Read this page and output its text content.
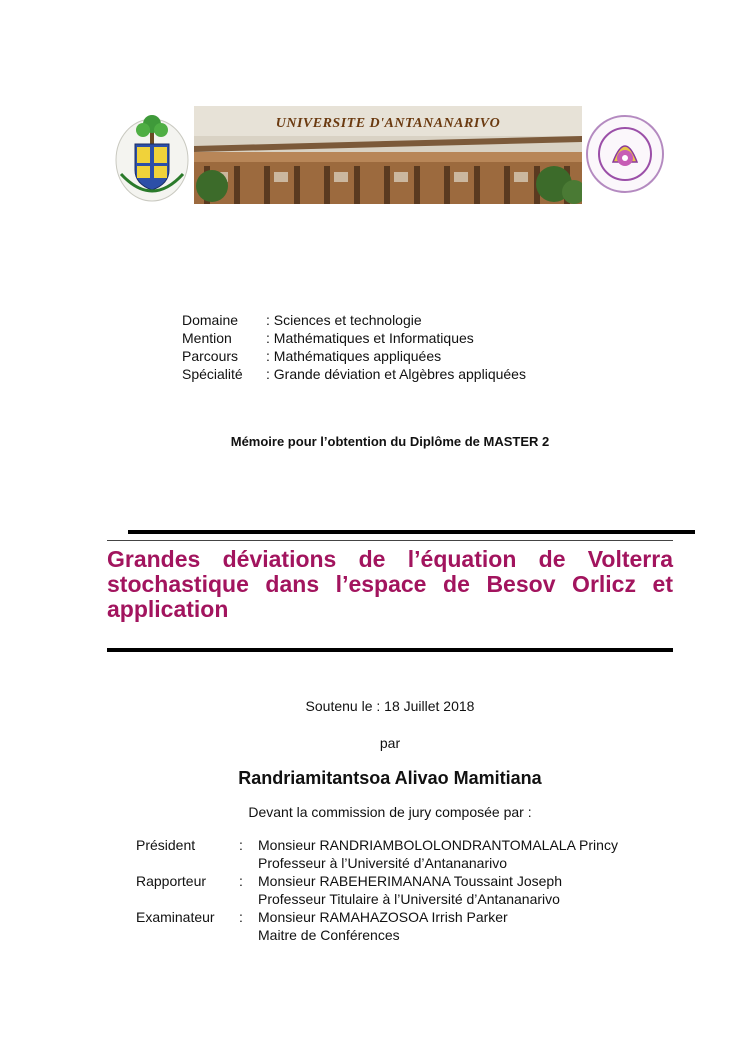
UNIVERSITE D'ANTANANARIVO
Domaine	: Sciences et technologie
Mention	: Mathématiques et Informatiques
Parcours	: Mathématiques appliquées
Spécialité	: Grande déviation et Algèbres appliquées
Mémoire pour l’obtention du Diplôme de MASTER 2
Grandes déviations de l’équation de Volterra
stochastique dans l’espace de Besov Orlicz et
application
Soutenu le : 18 Juillet 2018
par
Randriamitantsoa Alivao Mamitiana
Devant la commission de jury composée par :
Président	:	Monsieur RANDRIAMBOLOLONDRANTOMALALA Princy
Professeur à l’Université d’Antananarivo
Rapporteur	:	Monsieur RABEHERIMANANA Toussaint Joseph
Professeur Titulaire à l’Université d’Antananarivo
Examinateur	:	Monsieur RAMAHAZOSOA Irrish Parker
Maitre de Conférences
